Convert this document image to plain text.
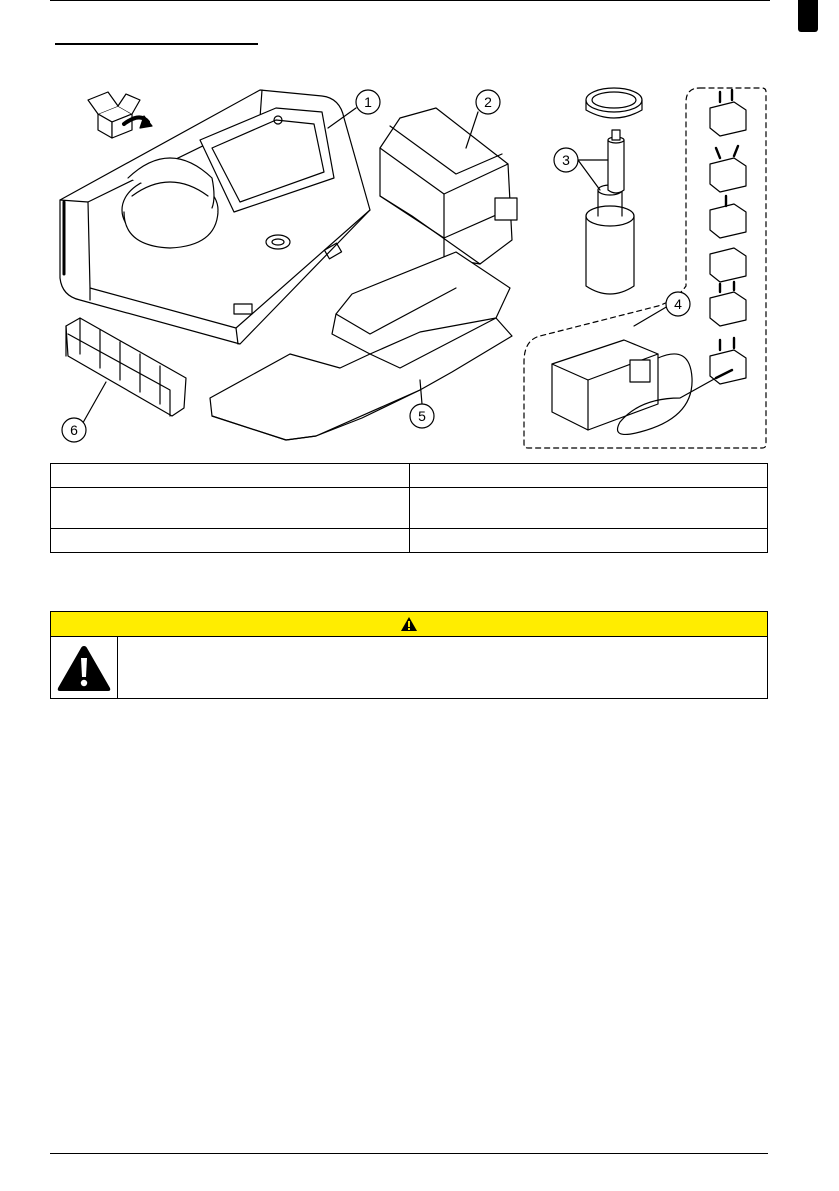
1	2
3
4
5
6
